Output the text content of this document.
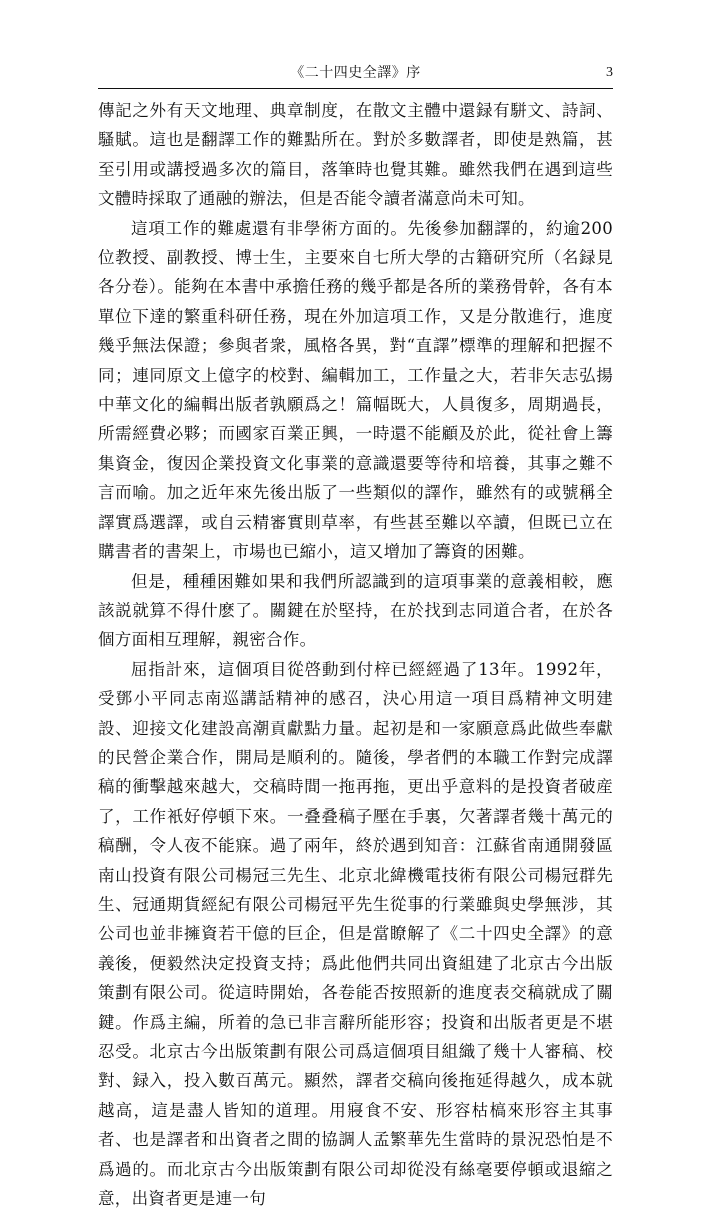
《二十四史全譯》序	3

傳記之外有天文地理、典章制度，在散文主體中還録有駢文、詩詞、騷賦。這也是翻譯工作的難點所在。對於多數譯者，即使是熟篇，甚至引用或講授過多次的篇目，落筆時也覺其難。雖然我們在遇到這些文體時採取了通融的辦法，但是否能令讀者滿意尚未可知。

這項工作的難處還有非學術方面的。先後參加翻譯的，約逾200位教授、副教授、博士生，主要來自七所大學的古籍研究所（名録見各分卷）。能夠在本書中承擔任務的幾乎都是各所的業務骨幹，各有本單位下達的繁重科研任務，現在外加這項工作，又是分散進行，進度幾乎無法保證；參與者衆，風格各異，對“直譯”標準的理解和把握不同；連同原文上億字的校對、編輯加工，工作量之大，若非矢志弘揚中華文化的編輯出版者孰願爲之！篇幅既大，人員復多，周期過長，所需經費必夥；而國家百業正興，一時還不能顧及於此，從社會上籌集資金，復因企業投資文化事業的意識還要等待和培養，其事之難不言而喻。加之近年來先後出版了一些類似的譯作，雖然有的或號稱全譯實爲選譯，或自云精審實則草率，有些甚至難以卒讀，但既已立在購書者的書架上，市場也已縮小，這又增加了籌資的困難。

但是，種種困難如果和我們所認識到的這項事業的意義相較，應該説就算不得什麽了。關鍵在於堅持，在於找到志同道合者，在於各個方面相互理解，親密合作。

屈指計來，這個項目從啓動到付梓已經經過了13年。1992年，受鄧小平同志南巡講話精神的感召，決心用這一項目爲精神文明建設、迎接文化建設高潮貢獻點力量。起初是和一家願意爲此做些奉獻的民營企業合作，開局是順利的。隨後，學者們的本職工作對完成譯稿的衝擊越來越大，交稿時間一拖再拖，更出乎意料的是投資者破産了，工作衹好停頓下來。一叠叠稿子壓在手裏，欠著譯者幾十萬元的稿酬，令人夜不能寐。過了兩年，終於遇到知音：江蘇省南通開發區南山投資有限公司楊冠三先生、北京北緯機電技術有限公司楊冠群先生、冠通期貨經紀有限公司楊冠平先生從事的行業雖與史學無涉，其公司也並非擁資若干億的巨企，但是當瞭解了《二十四史全譯》的意義後，便毅然決定投資支持；爲此他們共同出資組建了北京古今出版策劃有限公司。從這時開始，各卷能否按照新的進度表交稿就成了關鍵。作爲主編，所着的急已非言辭所能形容；投資和出版者更是不堪忍受。北京古今出版策劃有限公司爲這個項目組織了幾十人審稿、校對、録入，投入數百萬元。顯然，譯者交稿向後拖延得越久，成本就越高，這是盡人皆知的道理。用寢食不安、形容枯槁來形容主其事者、也是譯者和出資者之間的協調人孟繁華先生當時的景況恐怕是不爲過的。而北京古今出版策劃有限公司却從没有絲毫要停頓或退縮之意，出資者更是連一句
